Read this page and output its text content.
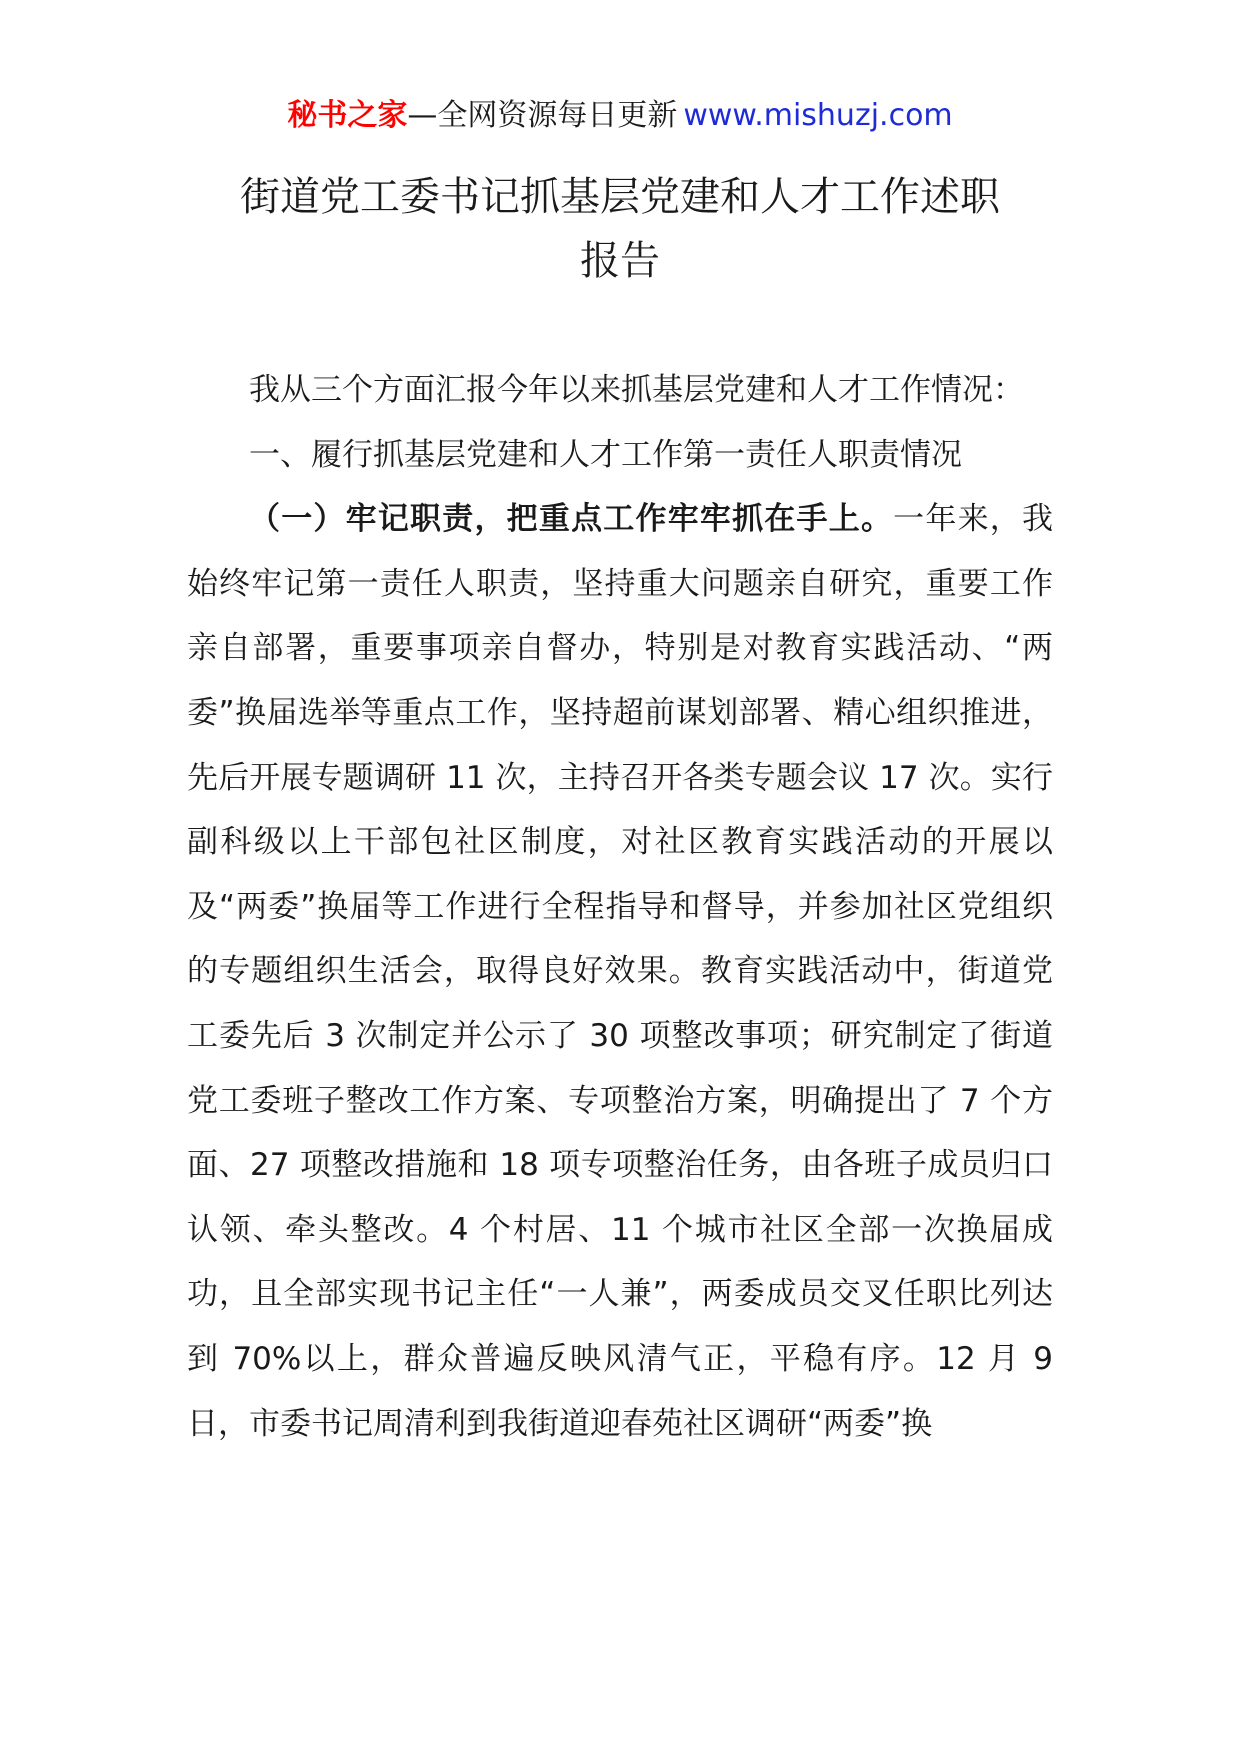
秘书之家—全网资源每日更新 www.mishuzj.com
街道党工委书记抓基层党建和人才工作述职
报告

我从三个方面汇报今年以来抓基层党建和人才工作情况：

一、履行抓基层党建和人才工作第一责任人职责情况

（一）牢记职责，把重点工作牢牢抓在手上。一年来，我始终牢记第一责任人职责，坚持重大问题亲自研究，重要工作亲自部署，重要事项亲自督办，特别是对教育实践活动、“两委”换届选举等重点工作，坚持超前谋划部署、精心组织推进，先后开展专题调研 11 次，主持召开各类专题会议 17 次。实行副科级以上干部包社区制度，对社区教育实践活动的开展以及“两委”换届等工作进行全程指导和督导，并参加社区党组织的专题组织生活会，取得良好效果。教育实践活动中，街道党工委先后 3 次制定并公示了 30 项整改事项；研究制定了街道党工委班子整改工作方案、专项整治方案，明确提出了 7 个方面、27 项整改措施和 18 项专项整治任务，由各班子成员归口认领、牵头整改。4 个村居、11 个城市社区全部一次换届成功，且全部实现书记主任“一人兼”，两委成员交叉任职比列达到 70%以上，群众普遍反映风清气正，平稳有序。12 月 9 日，市委书记周清利到我街道迎春苑社区调研“两委”换
